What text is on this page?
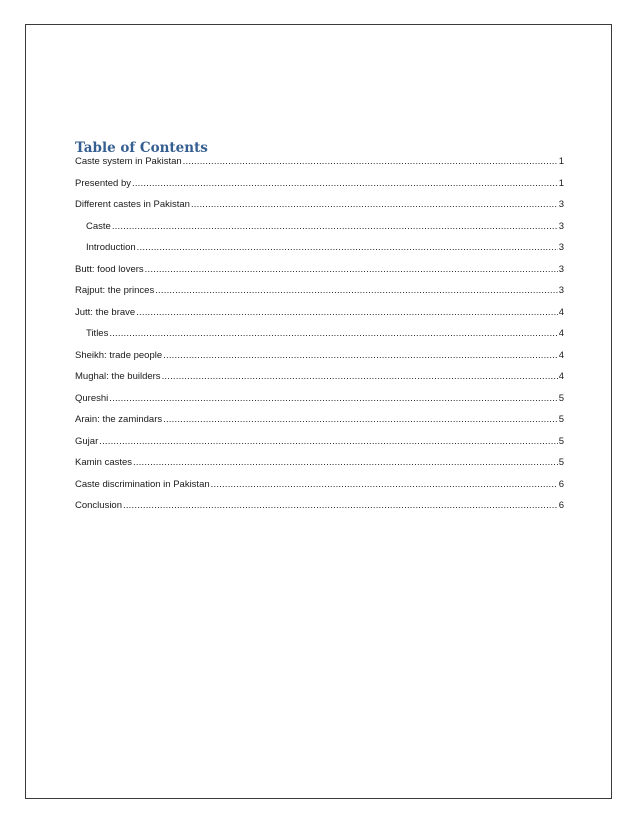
Table of Contents
Caste system in Pakistan .....	1
Presented by .....	1
Different castes in Pakistan .....	3
Caste .....	3
Introduction .....	3
Butt: food lovers .....	3
Rajput: the princes .....	3
Jutt: the brave .....	4
Titles .....	4
Sheikh: trade people .....	4
Mughal: the builders .....	4
Qureshi .....	5
Arain: the zamindars .....	5
Gujar .....	5
Kamin castes .....	5
Caste discrimination in Pakistan .....	6
Conclusion .....	6
